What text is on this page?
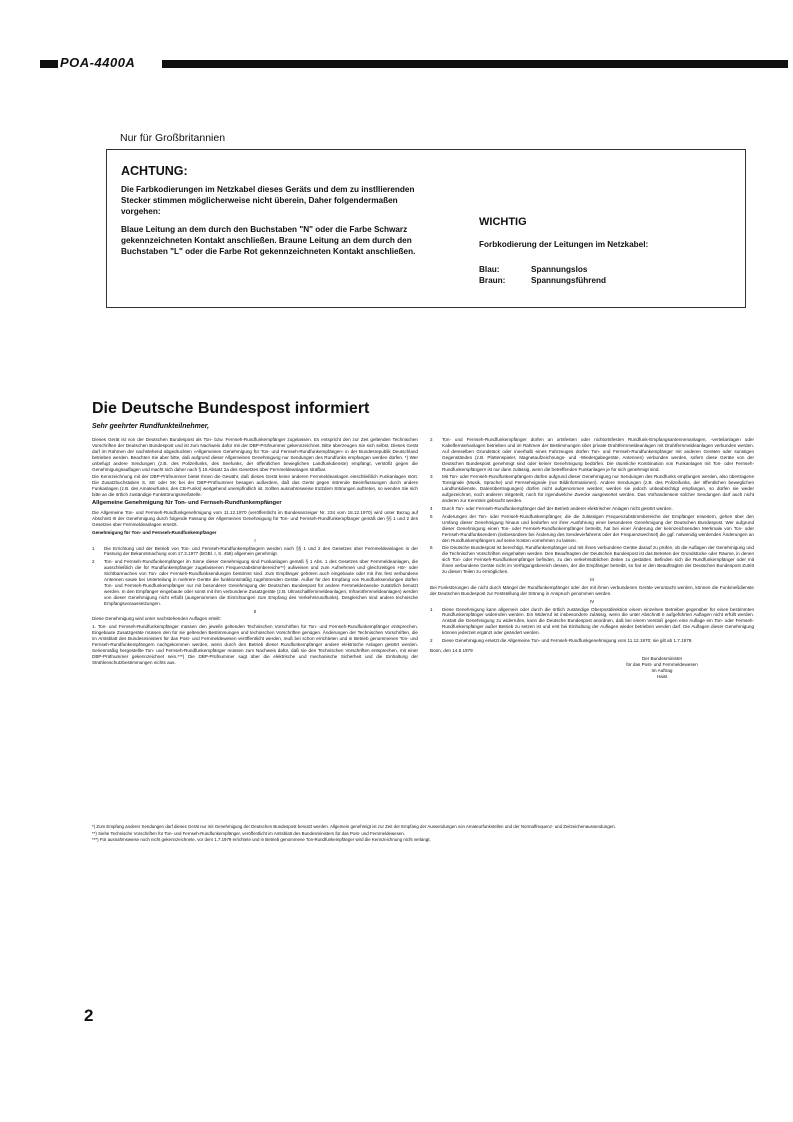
POA-4400A
Nur für Großbritannien
ACHTUNG:
Die Farbkodierungen im Netzkabel dieses Geräts und dem zu instllierenden Stecker stimmen möglicherweise nicht überein, Daher folgendermaßen vorgehen:
Blaue Leitung an dem durch den Buchstaben "N" oder die Farbe Schwarz gekennzeichneten Kontakt anschließen. Braune Leitung an dem durch den Buchstaben "L" oder die Farbe Rot gekennzeichneten Kontakt anschließen.
WICHTIG
Forbkodierung der Leitungen im Netzkabel:
Blau:	Spannungslos
Braun:	Spannungsführend
Die Deutsche Bundespost informiert
Sehr geehrter Rundfunkteilnehmer,

Dieses Gerät ist von der Deutschen Bundespost als Ton- bzw. Fernseh-Rundfunkempfänger zugelassen. Es entspricht den zur Zeit geltenden Technischen Vorschriften der Deutschen Bundespost und ist zum Nachweis dafür mit der DBP-Prüfnummer gekennzeichnet. Bitte überzeugen Sie sich selbst. Dieses Gerät darf im Rahmen der nachstehend abgedruckten »Allgemeinen Genehmigung für Ton- und Fernseh-Rundfunkempfänger« in der Bundesrepublik Deutschland betrieben werden. Beachten Sie aber bitte, daß aufgrund dieser Allgemeinen Genehmigung nur Sendungen des Rundfunks empfangen werden dürfen. *) Wer unbefugt andere Sendungen (z.B. des Polizeifunks, des Seefunks, der öffentlichen beweglichen Landfunkdienste) empfängt, verstößt gegen die Genehmigungsauflagen und macht sich daher nach § 15 Absatz 2a des Gesetzes über Fernmeldeanlagen strafbar.

Die Kennzeichnung mit der DBP-Prüfnummer bietet Ihnen die Gewähr, daß dieses Gerät keine anderen Fernmeldeanlagen einschließlich Funkanlagen stört. Die Zusatzbuchstaben S, SE oder SK bei der DBP-Prüfnummer besagen außerdem, daß das Gerät gegen störende Beeinflussungen durch andere Funkanlagen (z.B. des Amateurfunks, des CB-Funks) weitgehend unempfindlich ist. Sollten ausnahmsweise trotzdem Störungen auftreten, so wenden Sie sich bitte an die örtlich zuständige Funkstörungsmeßstelle.

Allgemeine Genehmigung für Ton- und Fernseh-Rundfunkempfänger

Die Allgemeine Ton- und Fernseh-Rundfunkgenehmigung vom 11.12.1970 (veröffentlicht im Bundesanzeiger Nr. 234 vom 18.12.1970) wird unter Bezug auf Abschnitt III der Genehmigung durch folgende Fassung der Allgemeinen Genehmigung für Ton- und Fernseh-Rundfunkempfänger gemäß den §§ 1 und 2 des Gesetzes über Fernmeldeanlagen ersetzt.

Genehmigung für Ton- und Fernseh-Rundfunkempfänger
I
1	Die Errichtung und der Betrieb von Ton- und Fernseh-Rundfunkempfängern werden nach §§ 1 und 2 des Gesetzes über Fernmeldeanlagen in der Fassung der Bekanntmachung vom 17.3.1977 (BGBl. I, S. 459) allgemein genehmigt.
2	Ton- und Fernseh-Rundfunkempfänger im Sinne dieser Genehmigung sind Funkanlagen gemäß § 1 Abs. 1 des Gesetzes über Fernmeldeanlagen, die ausschließlich die für Rundfunkempfänger zugelassenen Frequenzabstimmbereiche**) aufweisen und zum Aufnehmen und gleichzeitigen Hör- oder Sichtbarmachen von Ton- oder Fernseh-Rundfunksendungen bestimmt sind. Zum Empfänger gehören auch eingebaute oder mit ihm fest verbundene Antennen sowie bei Unterteilung in mehrere Geräte die funktionsmäßig zugehörenden Geräte. Außer für den Empfang von Rundfunksendungen dürfen Ton- und Fernseh-Rundfunkempfänger nur mit besonderer Genehmigung der Deutschen Bundespost für andere Fernmeldezwecke zusätzlich benutzt werden. In den Empfänger eingebaute oder sonst mit ihm verbundene Zusatzgeräte (z.B. Ultraschallfernmeldeanlagen, Infrarotfernmeldeanlagen) werden von dieser Genehmigung nicht erfaßt (ausgenommen die Einrichtungen zum Empfang des Verkehrsrundfunks). Desgleichen sind andere technische Empfangsvoraussetzungen.
II

Diese Genehmigung wird unter nachstehenden Auflagen erteilt:

1. Ton- und Fernseh-Rundfunkempfänger müssen den jeweils geltenden Technischen Vorschriften für Ton- und Fernseh-Rundfunkempfänger entsprechen. Eingebaute Zusatzgeräte müssen den für sie geltenden Bestimmungen und technischen Vorschriften genügen. Änderungen der Technischen Vorschriften, die im Amtsblatt des Bundesministers für das Post- und Fernmeldewesen veröffentlicht werden, muß bei schon errichteten und in Betrieb genommenen Ton- und Fernseh-Rundfunkempfängern nachgekommen werden, wenn durch den Betrieb dieser Rundfunkempfänger andere elektrische Anlagen gestört werden. Serienmäßig hergestellte Ton- und Fernseh-Rundfunkempfänger müssen zum Nachweis dafür, daß sie den Technischen Vorschriften entsprechen, mit einer DBP-Prüfnummer gekennzeichnet sein.***) Die DBP-Prüfnummer sagt über die elektrische und mechanische Sicherheit und die Einhaltung der Strahlenschutzbestimmungen nichts aus.

2	Ton- und Fernseh-Rundfunkempfänger dürfen an ortsfesten oder nichtortsfesten Rundfunk-Empfangsantennenanlagen, -verteilanlagen oder Kabelfernsehanlagen betrieben und im Rahmen der Bestimmungen über private Drahtfernmeldeanlagen mit Drahtfernmeldeanlagen verbunden werden. Auf demselben Grundstück oder innerhalb eines Fahrzeuges dürfen Ton- und Fernseh-Rundfunkempfänger mit anderen Geräten oder sonstigen Gegenständen (z.B. Plattenspieler, Magnetaufzeichnungs- und -Wiedergabegeräte, Antennen) verbunden werden, sofern diese Geräte von der Deutschen Bundespost genehmigt sind oder keiner Genehmigung bedürfen. Die räumliche Kombination von Funkanlagen mit Ton- oder Fernseh-Rundfunkempfängern ist nur dann zulässig, wenn die betreffenden Funkanlagen je für sich genehmigt sind.
3	Mit Ton- oder Fernseh-Rundfunkempfängern dürfen aufgrund dieser Genehmigung nur Sendungen des Rundfunks empfangen werden, also übertragene Tonsignale (Musik, Sprache) und Fernsehsignale (nur Bildinformationen). Andere Sendungen (z.B. des Polizeifunks, der öffentlichen beweglichen Landfunkdienste, Datenübertragungen) dürfen nicht aufgenommen werden; werden sie jedoch unbeabsichtigt empfangen, so dürfen sie weder aufgezeichnet, noch anderen mitgeteilt, noch für irgendwelche Zwecke ausgewertet werden. Das Vorhandensein solcher Sendungen darf auch nicht anderen zur Kenntnis gebracht werden.
4	Durch Ton- oder Fernseh-Rundfunkempfänger darf der Betrieb anderer elektrischer Anlagen nicht gestört werden.
5	Änderungen der Ton- oder Fernseh-Rundfunkempfänger, die die zulässigen Frequenzabstimmbereiche der Empfänger erweitern, gehen über den Umfang dieser Genehmigung hinaus und bedürfen vor ihrer Ausführung einer besonderen Genehmigung der Deutschen Bundespost. Wer aufgrund dieser Genehmigung einen Ton- oder Fernseh-Rundfunkempfänger betreibt, hat bei einer Änderung der kennzeichnenden Merkmale von Ton- oder Fernseh-Rundfunksendern (insbesondere bei Änderung des Sendeverfahrens oder der Frequenzwechsel) die ggf. notwendig werdenden Änderungen an den Rundfunkempfängern auf seine Kosten vornehmen zu lassen.
6	Die Deutsche Bundespost ist berechtigt, Rundfunkempfänger und mit ihnen verbundene Geräte darauf zu prüfen, ob die Auflagen der Genehmigung und die Technischen Vorschriften eingehalten werden. Den Beauftragten der Deutschen Bundespost ist das Betreten der Grundstücke oder Räume, in denen sich Ton- oder Fernseh-Rundfunkempfänger befinden, zu den verkehrsüblichen Zeiten zu gestatten. Befinden sich die Rundfunkempfänger oder mit ihnen verbundene Geräte nicht im Verfügungsbereich dessen, der die Empfänger betreibt, so hat er den Beauftragten der Deutschen Bundespost Zutritt zu diesen Teilen zu ermöglichen.
III

Bei Funkstörungen die nicht durch Mängel der Rundfunkempfänger oder der mit ihnen verbundenen Geräte verursacht werden, können die Funkmeßdienste der Deutschen Bundespost zur Feststellung der Störung in Anspruch genommen werden.

IV
1	Diese Genehmigung kann allgemein oder durch die örtlich zuständige Oberpostdirektion einem einzelnen Betreiber gegenüber für einen bestimmten Rundfunkempfänger widerrufen werden. Ein Widerruf ist insbesondere zulässig, wenn die unter Abschnitt II aufgeführten Auflagen nicht erfüllt werden. Anstatt die Genehmigung zu widerrufen, kann die Deutsche Bundespost anordnen, daß bei einem Verstoß gegen eine Auflage ein Ton- oder Fernseh-Rundfunkempfänger außer Betrieb zu setzen ist und erst bei Einhaltung der Auflagen wieder betrieben werden darf. Die Auflagen dieser Genehmigung können jederzeit ergänzt oder geändert werden.
2	Diese Genehmigung ersetzt die Allgemeine Ton- und Fernseh-Rundfunkgenehmigung vom 11.12.1970; sie gilt ab 1.7.1979.

Bonn, den 14.5.1979

Der Bundesminister
für das Post- und Fernmeldewesen
Im Auftrag
Haist

*) Zum Empfang anderer Sendungen darf dieses Gerät nur mit Genehmigung der Deutschen Bundespost benutzt werden. Allgemein genehmigt ist zur Zeit der Empfang der Aussendungen von Amateurfunkstellen und der Normalfrequenz- und Zeitzeichenaussendungen.

**) Siehe Technische Vorschriften für Ton- und Fernseh-Rundfunkempfänger, veröffentlicht im Amtsblatt des Bundesministers für das Post- und Fernmeldewesen.

***) Für ausnahmsweise noch nicht gekennzeichnete, vor dem 1.7.1979 errichtete und in Betrieb genommene Ton-Rundfunkempfänger wird die Kennzeichnung nicht verlangt.

2
